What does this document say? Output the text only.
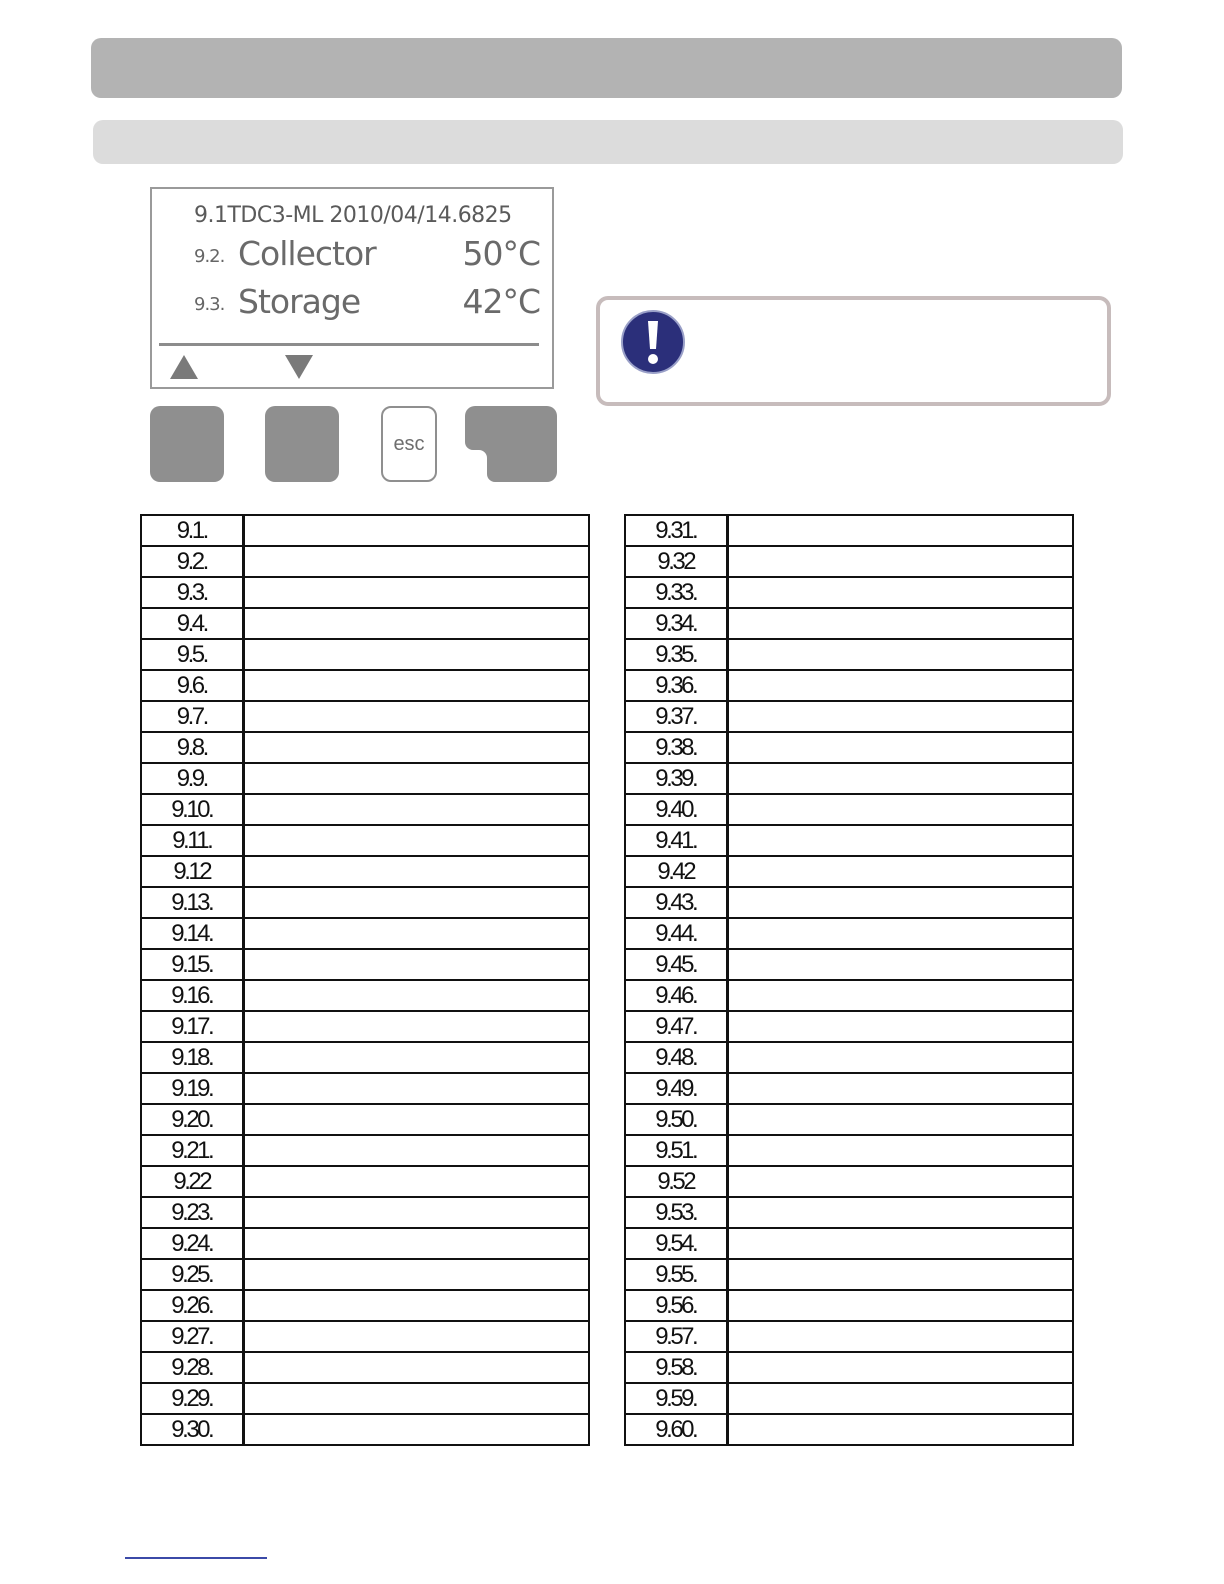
9.1TDC3-ML 2010/04/14.6825
9.2. Collector	50°C
9.3. Storage	42°C
esc
9.1.	
9.2.	
9.3.	
9.4.	
9.5.	
9.6.	
9.7.	
9.8.	
9.9.	
9.10.	
9.11.	
9.12	
9.13.	
9.14.	
9.15.	
9.16.	
9.17.	
9.18.	
9.19.	
9.20.	
9.21.	
9.22	
9.23.	
9.24.	
9.25.	
9.26.	
9.27.	
9.28.	
9.29.	
9.30.	
9.31.	
9.32	
9.33.	
9.34.	
9.35.	
9.36.	
9.37.	
9.38.	
9.39.	
9.40.	
9.41.	
9.42	
9.43.	
9.44.	
9.45.	
9.46.	
9.47.	
9.48.	
9.49.	
9.50.	
9.51.	
9.52	
9.53.	
9.54.	
9.55.	
9.56.	
9.57.	
9.58.	
9.59.	
9.60.	
